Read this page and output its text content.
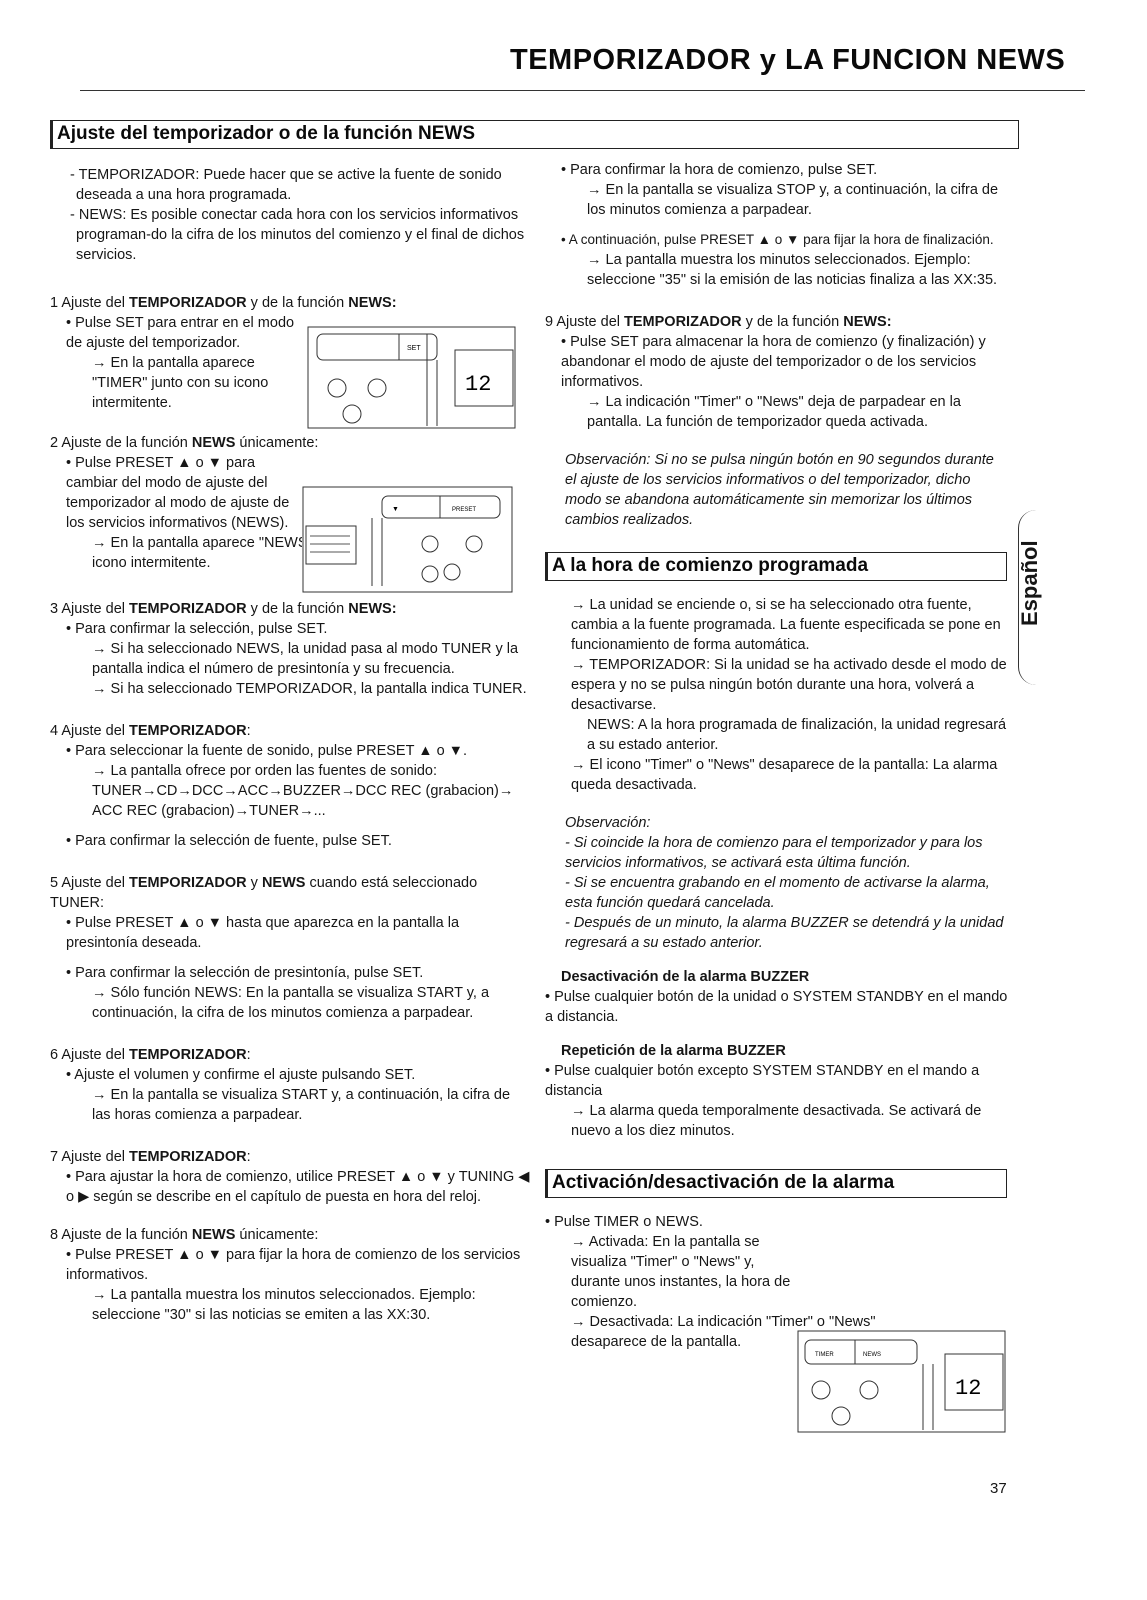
TEMPORIZADOR y LA FUNCION NEWS
Ajuste del temporizador o de la función NEWS

- TEMPORIZADOR: Puede hacer que se active la fuente de sonido deseada a una hora programada.

- NEWS: Es posible conectar cada hora con los servicios informativos programan-do la cifra de los minutos del comienzo y el final de dichos servicios.

1 Ajuste del TEMPORIZADOR y de la función NEWS:

• Pulse SET para entrar en el modo de ajuste del temporizador.

→ En la pantalla aparece "TIMER" junto con su icono intermitente.

2 Ajuste de la función NEWS únicamente:

• Pulse PRESET ▲ o ▼ para cambiar del modo de ajuste del temporizador al modo de ajuste de los servicios informativos (NEWS).

→ En la pantalla aparece "NEWS" junto con su icono intermitente.

3 Ajuste del TEMPORIZADOR y de la función NEWS:

• Para confirmar la selección, pulse SET.

→ Si ha seleccionado NEWS, la unidad pasa al modo TUNER y la pantalla indica el número de presintonía y su frecuencia.

→ Si ha seleccionado TEMPORIZADOR, la pantalla indica TUNER.

4 Ajuste del TEMPORIZADOR:

• Para seleccionar la fuente de sonido, pulse PRESET ▲ o ▼.

→ La pantalla ofrece por orden las fuentes de sonido: TUNER→CD→DCC→ACC→BUZZER→DCC REC (grabacion)→ ACC REC (grabacion)→TUNER→...

• Para confirmar la selección de fuente, pulse SET.

5 Ajuste del TEMPORIZADOR y NEWS cuando está seleccionado TUNER:

• Pulse PRESET ▲ o ▼ hasta que aparezca en la pantalla la presintonía deseada.

• Para confirmar la selección de presintonía, pulse SET.

→ Sólo función NEWS: En la pantalla se visualiza START y, a continuación, la cifra de los minutos comienza a parpadear.

6 Ajuste del TEMPORIZADOR:

• Ajuste el volumen y confirme el ajuste pulsando SET.

→ En la pantalla se visualiza START y, a continuación, la cifra de las horas comienza a parpadear.

7 Ajuste del TEMPORIZADOR:

• Para ajustar la hora de comienzo, utilice PRESET ▲ o ▼ y TUNING ◀ o ▶ según se describe en el capítulo de puesta en hora del reloj.

8 Ajuste de la función NEWS únicamente:

• Pulse PRESET ▲ o ▼ para fijar la hora de comienzo de los servicios informativos.

→ La pantalla muestra los minutos seleccionados. Ejemplo: seleccione "30" si las noticias se emiten a las XX:30.

SET
12
▼	PRESET

• Para confirmar la hora de comienzo, pulse SET.

→ En la pantalla se visualiza STOP y, a continuación, la cifra de los minutos comienza a parpadear.

• A continuación, pulse PRESET ▲ o ▼ para fijar la hora de finalización.

→ La pantalla muestra los minutos seleccionados. Ejemplo: seleccione "35" si la emisión de las noticias finaliza a las XX:35.

9 Ajuste del TEMPORIZADOR y de la función NEWS:

• Pulse SET para almacenar la hora de comienzo (y finalización) y abandonar el modo de ajuste del temporizador o de los servicios informativos.

→ La indicación "Timer" o "News" deja de parpadear en la pantalla. La función de temporizador queda activada.

Observación: Si no se pulsa ningún botón en 90 segundos durante el ajuste de los servicios informativos o del temporizador, dicho modo se abandona automáticamente sin memorizar los últimos cambios realizados.

A la hora de comienzo programada

→ La unidad se enciende o, si se ha seleccionado otra fuente, cambia a la fuente programada. La fuente especificada se pone en funcionamiento de forma automática.

→ TEMPORIZADOR: Si la unidad se ha activado desde el modo de espera y no se pulsa ningún botón durante una hora, volverá a desactivarse.

NEWS: A la hora programada de finalización, la unidad regresará a su estado anterior.

→ El icono "Timer" o "News" desaparece de la pantalla: La alarma queda desactivada.

Observación:

- Si coincide la hora de comienzo para el temporizador y para los servicios informativos, se activará esta última función.

- Si se encuentra grabando en el momento de activarse la alarma, esta función quedará cancelada.

- Después de un minuto, la alarma BUZZER se detendrá y la unidad regresará a su estado anterior.

Desactivación de la alarma BUZZER

• Pulse cualquier botón de la unidad o SYSTEM STANDBY en el mando a distancia.

Repetición de la alarma BUZZER

• Pulse cualquier botón excepto SYSTEM STANDBY en el mando a distancia

→ La alarma queda temporalmente desactivada. Se activará de nuevo a los diez minutos.

Activación/desactivación de la alarma

• Pulse TIMER o NEWS.

→ Activada: En la pantalla se visualiza "Timer" o "News" y, durante unos instantes, la hora de comienzo.

→ Desactivada: La indicación "Timer" o "News" desaparece de la pantalla.

TIMER	NEWS
12
Español
37
